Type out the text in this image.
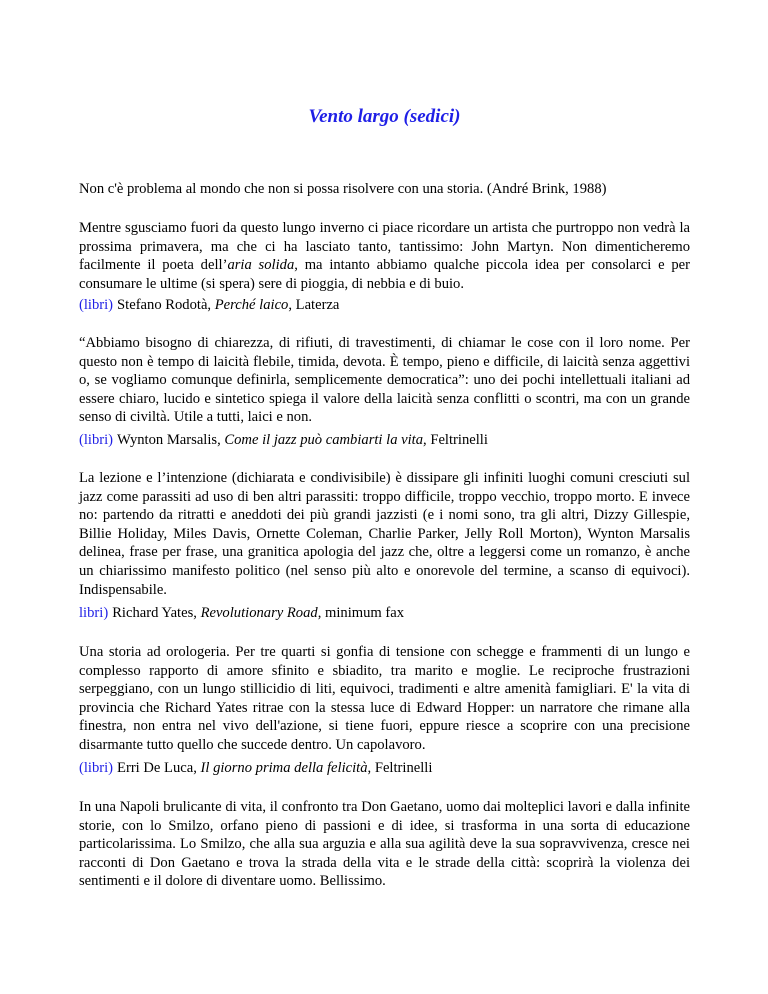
Vento largo (sedici)

Non c'è problema al mondo che non si possa risolvere con una storia. (André Brink, 1988)

Mentre sgusciamo fuori da questo lungo inverno ci piace ricordare un artista che purtroppo non vedrà la prossima primavera, ma che ci ha lasciato tanto, tantissimo: John Martyn. Non dimenticheremo facilmente il poeta dell’aria solida, ma intanto abbiamo qualche piccola idea per consolarci e per consumare le ultime (si spera) sere di pioggia, di nebbia e di buio.

(libri) Stefano Rodotà, Perché laico, Laterza

“Abbiamo bisogno di chiarezza, di rifiuti, di travestimenti, di chiamar le cose con il loro nome. Per questo non è tempo di laicità flebile, timida, devota. È tempo, pieno e difficile, di laicità senza aggettivi o, se vogliamo comunque definirla, semplicemente democratica”: uno dei pochi intellettuali italiani ad essere chiaro, lucido e sintetico spiega il valore della laicità senza conflitti o scontri, ma con un grande senso di civiltà. Utile a tutti, laici e non.

(libri) Wynton Marsalis, Come il jazz può cambiarti la vita, Feltrinelli

La lezione e l’intenzione (dichiarata e condivisibile) è dissipare gli infiniti luoghi comuni cresciuti sul jazz come parassiti ad uso di ben altri parassiti: troppo difficile, troppo vecchio, troppo morto. E invece no: partendo da ritratti e aneddoti dei più grandi jazzisti (e i nomi sono, tra gli altri, Dizzy Gillespie, Billie Holiday, Miles Davis, Ornette Coleman, Charlie Parker, Jelly Roll Morton), Wynton Marsalis delinea, frase per frase, una granitica apologia del jazz che, oltre a leggersi come un romanzo, è anche un chiarissimo manifesto politico (nel senso più alto e onorevole del termine, a scanso di equivoci). Indispensabile.

libri) Richard Yates, Revolutionary Road, minimum fax

Una storia ad orologeria. Per tre quarti si gonfia di tensione con schegge e frammenti di un lungo e complesso rapporto di amore sfinito e sbiadito, tra marito e moglie. Le reciproche frustrazioni serpeggiano, con un lungo stillicidio di liti, equivoci, tradimenti e altre amenità famigliari. E' la vita di provincia che Richard Yates ritrae con la stessa luce di Edward Hopper: un narratore che rimane alla finestra, non entra nel vivo dell'azione, si tiene fuori, eppure riesce a scoprire con una precisione disarmante tutto quello che succede dentro. Un capolavoro.

(libri) Erri De Luca, Il giorno prima della felicità, Feltrinelli

In una Napoli brulicante di vita, il confronto tra Don Gaetano, uomo dai molteplici lavori e dalla infinite storie, con lo Smilzo, orfano pieno di passioni e di idee, si trasforma in una sorta di educazione particolarissima. Lo Smilzo, che alla sua arguzia e alla sua agilità deve la sua sopravvivenza, cresce nei racconti di Don Gaetano e trova la strada della vita e le strade della città: scoprirà la violenza dei sentimenti e il dolore di diventare uomo. Bellissimo.
